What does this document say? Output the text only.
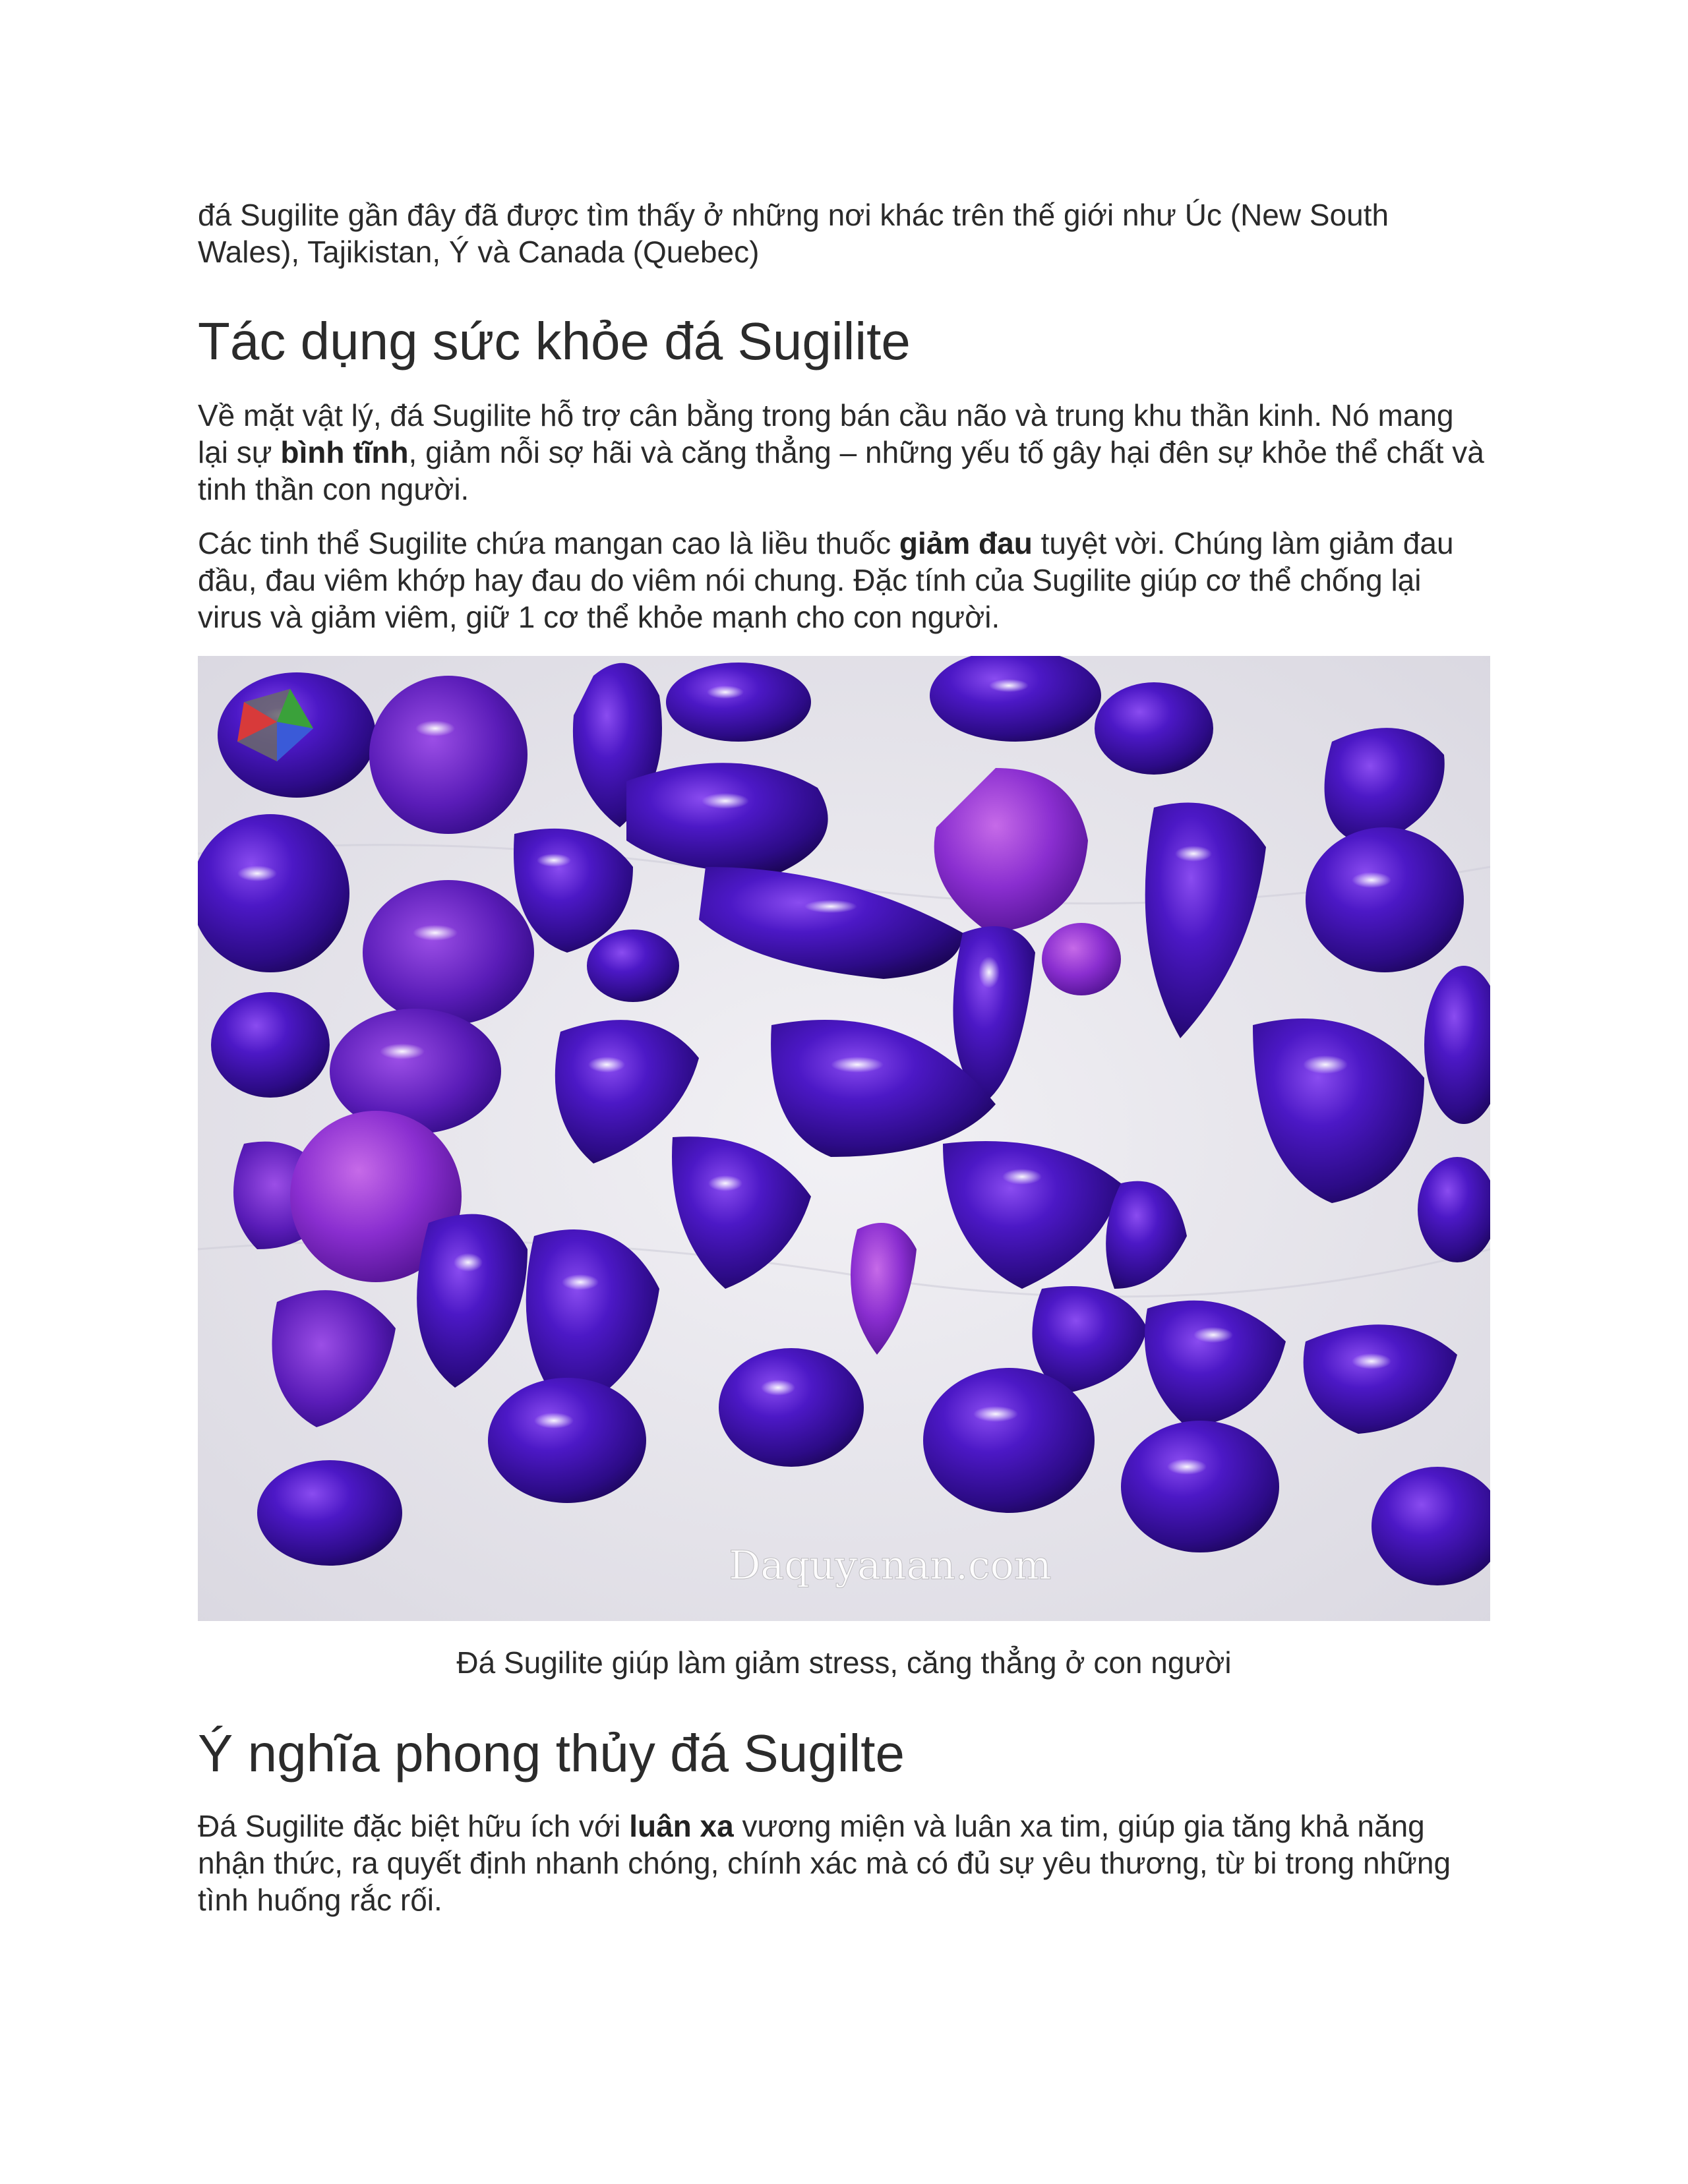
đá Sugilite gần đây đã được tìm thấy ở những nơi khác trên thế giới như Úc (New South Wales), Tajikistan, Ý và Canada (Quebec)

Tác dụng sức khỏe đá Sugilite

Về mặt vật lý, đá Sugilite hỗ trợ cân bằng trong bán cầu não và trung khu thần kinh. Nó mang lại sự bình tĩnh, giảm nỗi sợ hãi và căng thẳng – những yếu tố gây hại đên sự khỏe thể chất và tinh thần con người.

Các tinh thể Sugilite chứa mangan cao là liều thuốc giảm đau tuyệt vời. Chúng làm giảm đau đầu, đau viêm khớp hay đau do viêm nói chung. Đặc tính của Sugilite giúp cơ thể chống lại virus và giảm viêm, giữ 1 cơ thể khỏe mạnh cho con người.

Daquyanan.com

Đá Sugilite giúp làm giảm stress, căng thẳng ở con người

Ý nghĩa phong thủy đá Sugilte

Đá Sugilite đặc biệt hữu ích với luân xa vương miện và luân xa tim, giúp gia tăng khả năng nhận thức, ra quyết định nhanh chóng, chính xác mà có đủ sự yêu thương, từ bi trong những tình huống rắc rối.
